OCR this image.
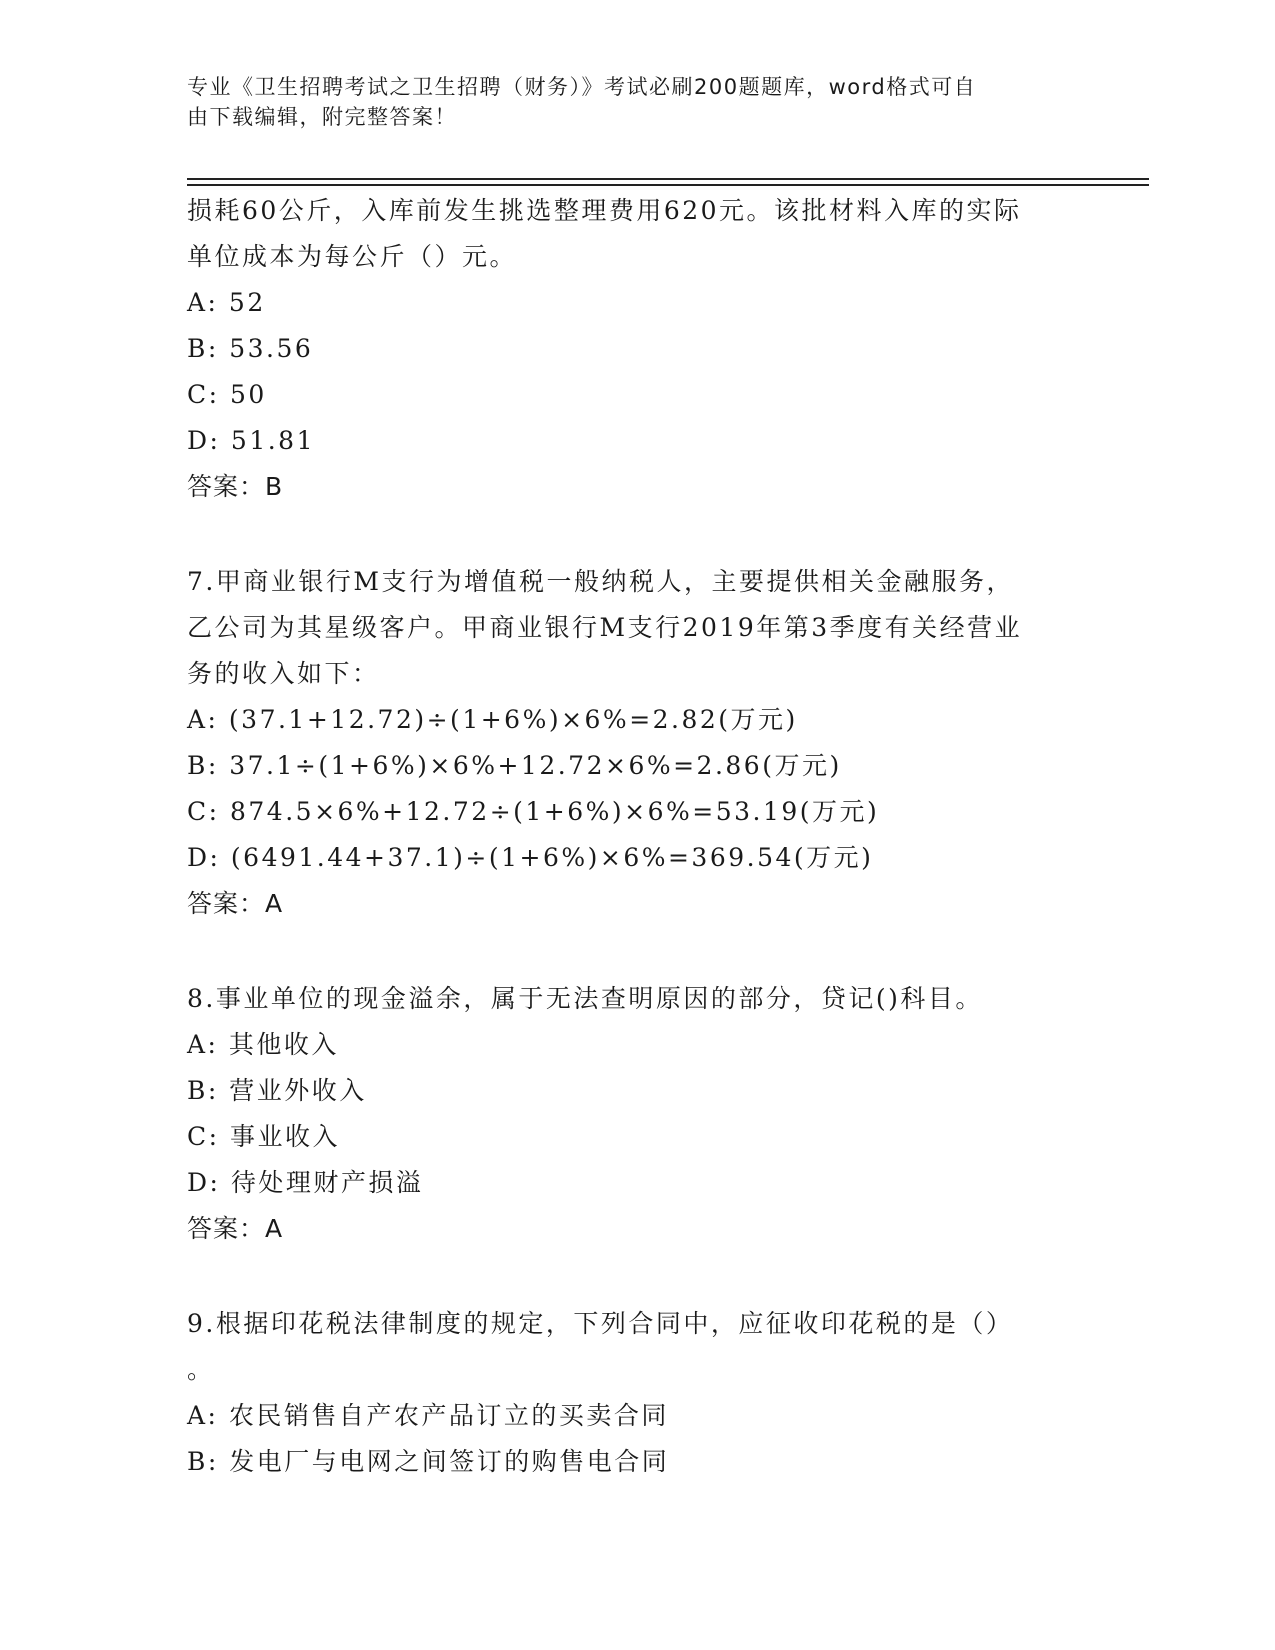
专业《卫生招聘考试之卫生招聘（财务）》考试必刷200题题库，word格式可自
由下载编辑，附完整答案！
损耗60公斤，入库前发生挑选整理费用620元。该批材料入库的实际
单位成本为每公斤（）元。
A: 52
B: 53.56
C: 50
D: 51.81
答案：B
7.甲商业银行M支行为增值税一般纳税人，主要提供相关金融服务，
乙公司为其星级客户。甲商业银行M支行2019年第3季度有关经营业
务的收入如下：
A: (37.1+12.72)÷(1+6%)×6%=2.82(万元)
B: 37.1÷(1+6%)×6%+12.72×6%=2.86(万元)
C: 874.5×6%+12.72÷(1+6%)×6%=53.19(万元)
D: (6491.44+37.1)÷(1+6%)×6%=369.54(万元)
答案：A
8.事业单位的现金溢余，属于无法查明原因的部分，贷记()科目。
A: 其他收入
B: 营业外收入
C: 事业收入
D: 待处理财产损溢
答案：A
9.根据印花税法律制度的规定，下列合同中，应征收印花税的是（）
。
A: 农民销售自产农产品订立的买卖合同
B: 发电厂与电网之间签订的购售电合同
